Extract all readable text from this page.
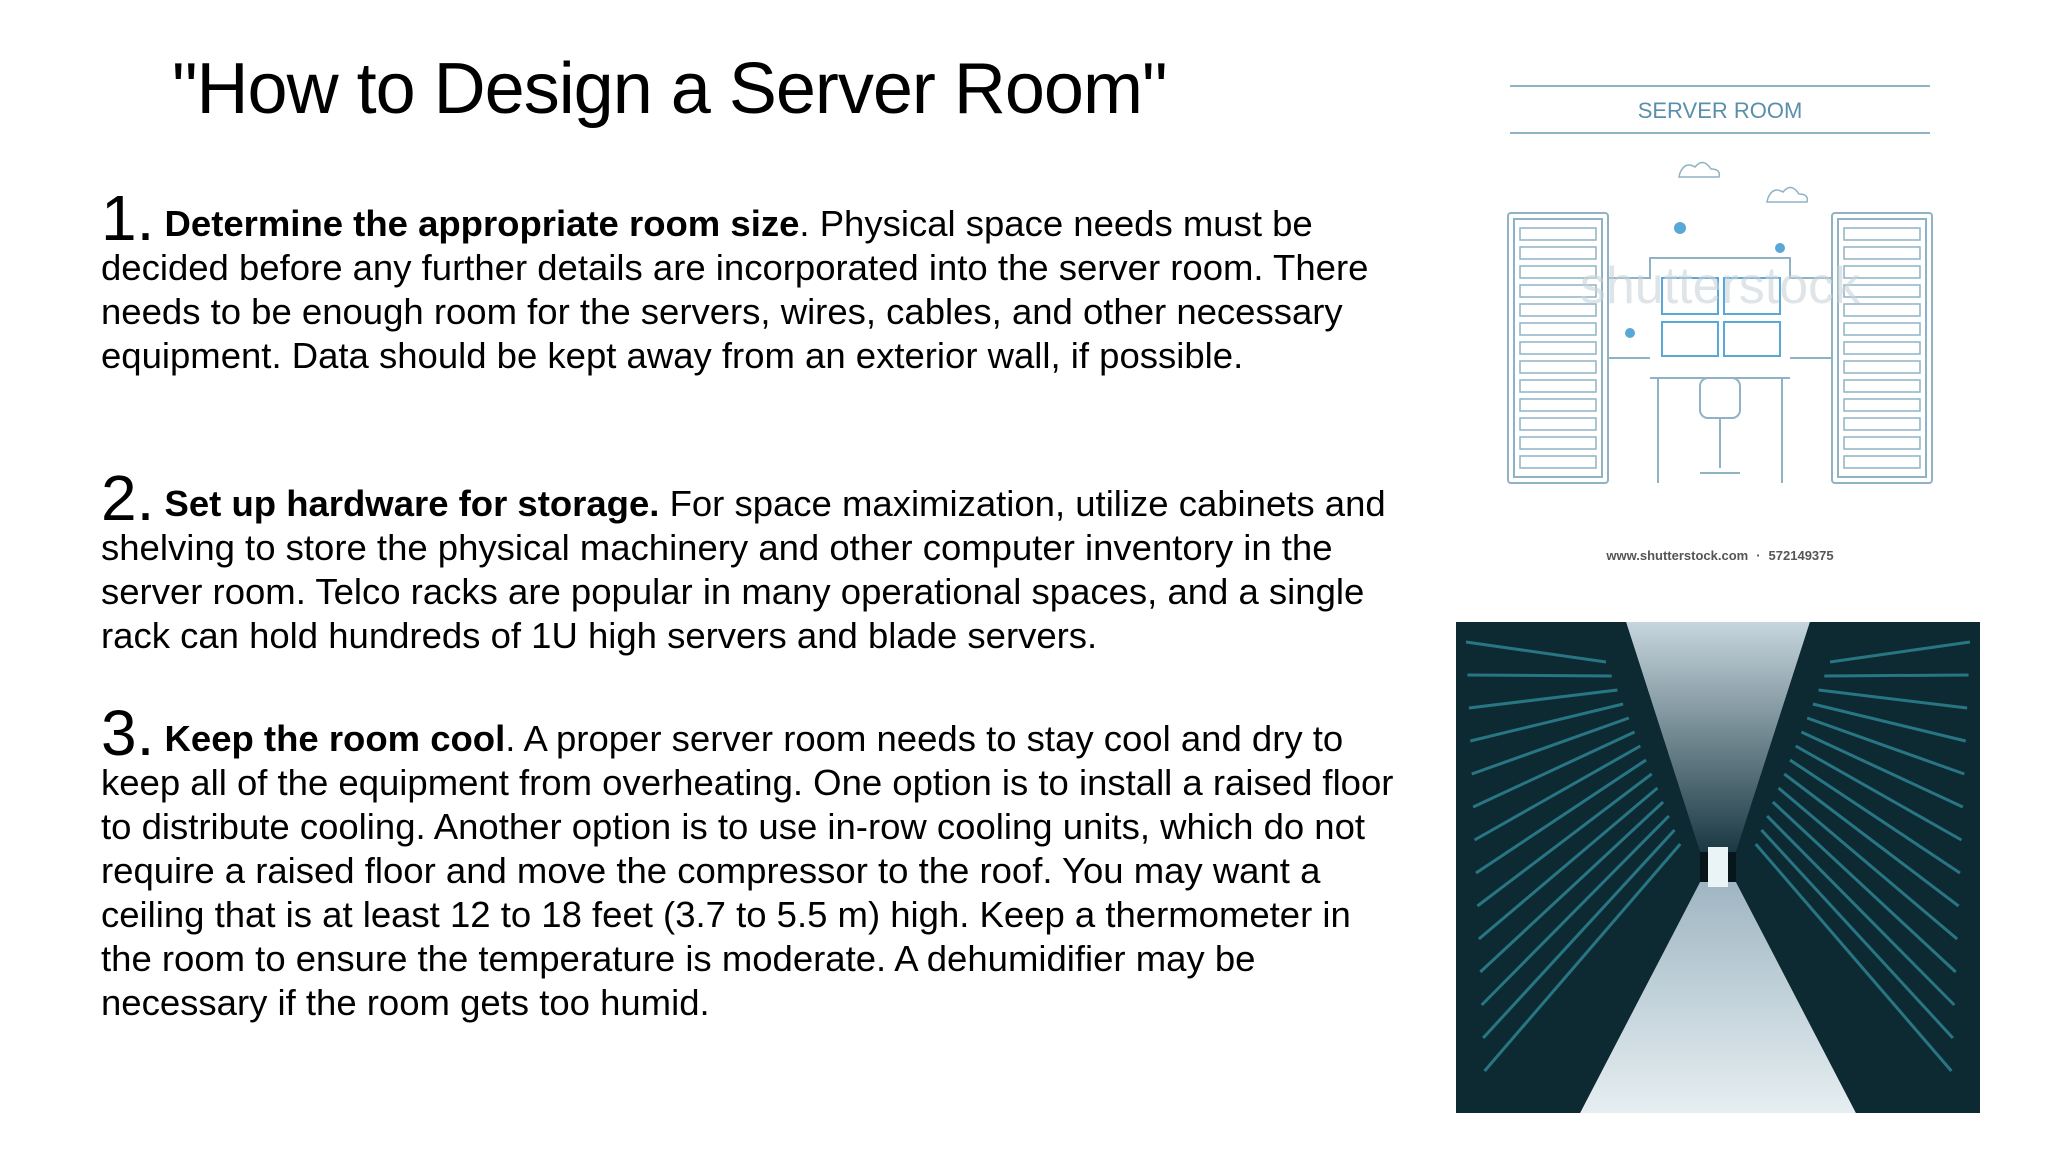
"How to Design a Server Room"

1. Determine the appropriate room size. Physical space needs must be decided before any further details are incorporated into the server room. There needs to be enough room for the servers, wires, cables, and other necessary equipment. Data should be kept away from an exterior wall, if possible.

2. Set up hardware for storage. For space maximization, utilize cabinets and shelving to store the physical machinery and other computer inventory in the server room. Telco racks are popular in many operational spaces, and a single rack can hold hundreds of 1U high servers and blade servers.

3. Keep the room cool. A proper server room needs to stay cool and dry to keep all of the equipment from overheating. One option is to install a raised floor to distribute cooling. Another option is to use in-row cooling units, which do not require a raised floor and move the compressor to the roof. You may want a ceiling that is at least 12 to 18 feet (3.7 to 5.5 m) high. Keep a thermometer in the room to ensure the temperature is moderate. A dehumidifier may be necessary if the room gets too humid.

SERVER ROOM
shutterstock
www.shutterstock.com · 572149375
